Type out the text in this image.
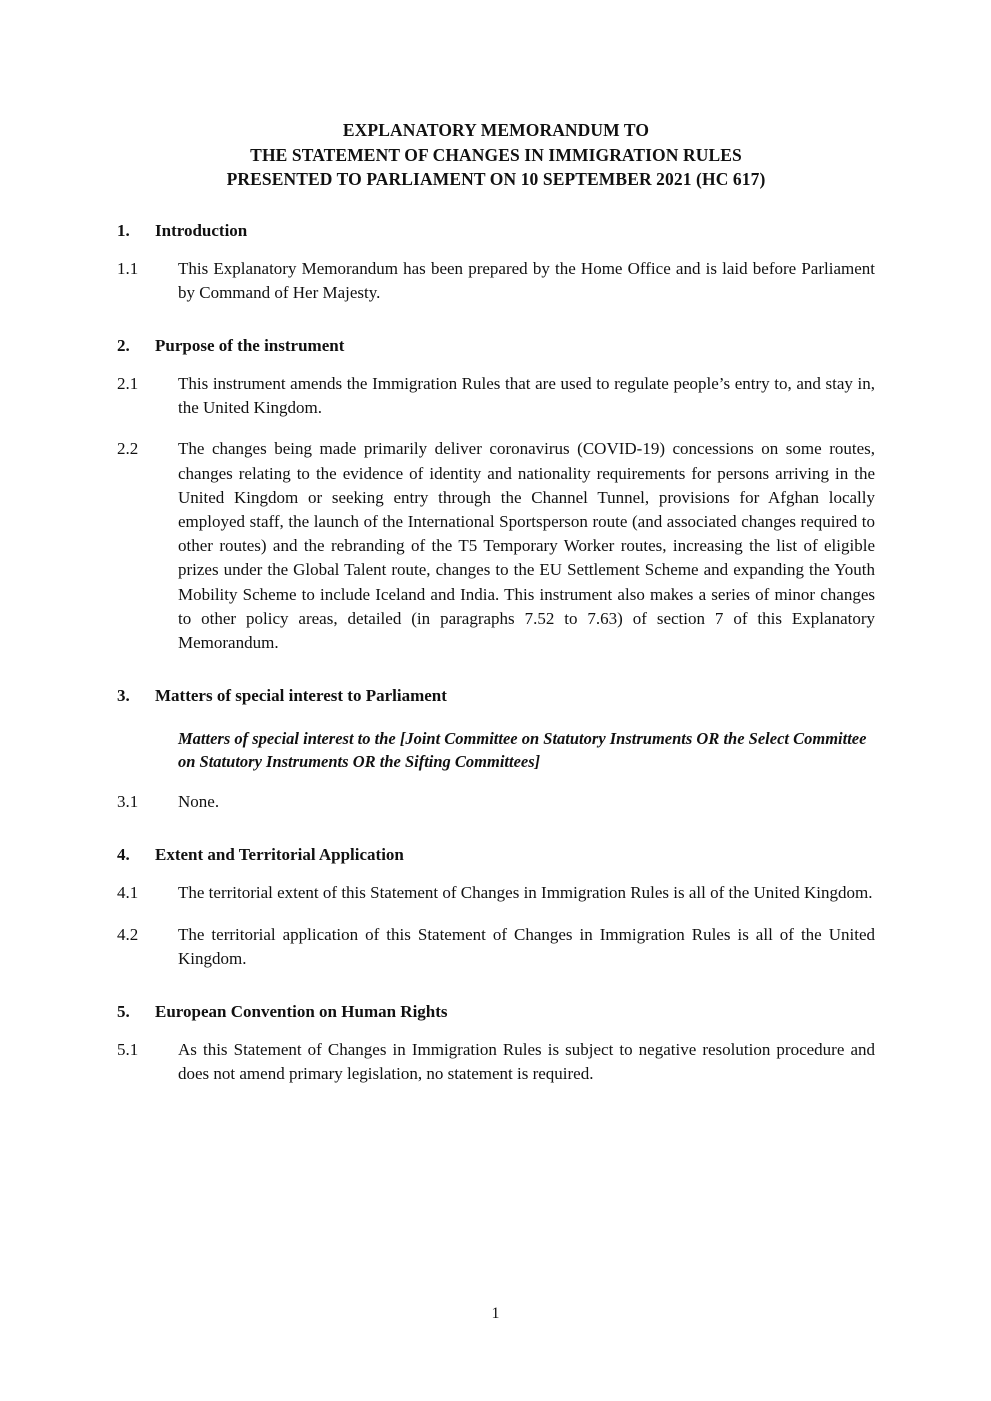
EXPLANATORY MEMORANDUM TO
THE STATEMENT OF CHANGES IN IMMIGRATION RULES
PRESENTED TO PARLIAMENT ON 10 SEPTEMBER 2021 (HC 617)
1. Introduction
1.1 This Explanatory Memorandum has been prepared by the Home Office and is laid before Parliament by Command of Her Majesty.
2. Purpose of the instrument
2.1 This instrument amends the Immigration Rules that are used to regulate people’s entry to, and stay in, the United Kingdom.
2.2 The changes being made primarily deliver coronavirus (COVID-19) concessions on some routes, changes relating to the evidence of identity and nationality requirements for persons arriving in the United Kingdom or seeking entry through the Channel Tunnel, provisions for Afghan locally employed staff, the launch of the International Sportsperson route (and associated changes required to other routes) and the rebranding of the T5 Temporary Worker routes, increasing the list of eligible prizes under the Global Talent route, changes to the EU Settlement Scheme and expanding the Youth Mobility Scheme to include Iceland and India. This instrument also makes a series of minor changes to other policy areas, detailed (in paragraphs 7.52 to 7.63) of section 7 of this Explanatory Memorandum.
3. Matters of special interest to Parliament
Matters of special interest to the [Joint Committee on Statutory Instruments OR the Select Committee on Statutory Instruments OR the Sifting Committees]
3.1 None.
4. Extent and Territorial Application
4.1 The territorial extent of this Statement of Changes in Immigration Rules is all of the United Kingdom.
4.2 The territorial application of this Statement of Changes in Immigration Rules is all of the United Kingdom.
5. European Convention on Human Rights
5.1 As this Statement of Changes in Immigration Rules is subject to negative resolution procedure and does not amend primary legislation, no statement is required.
1
